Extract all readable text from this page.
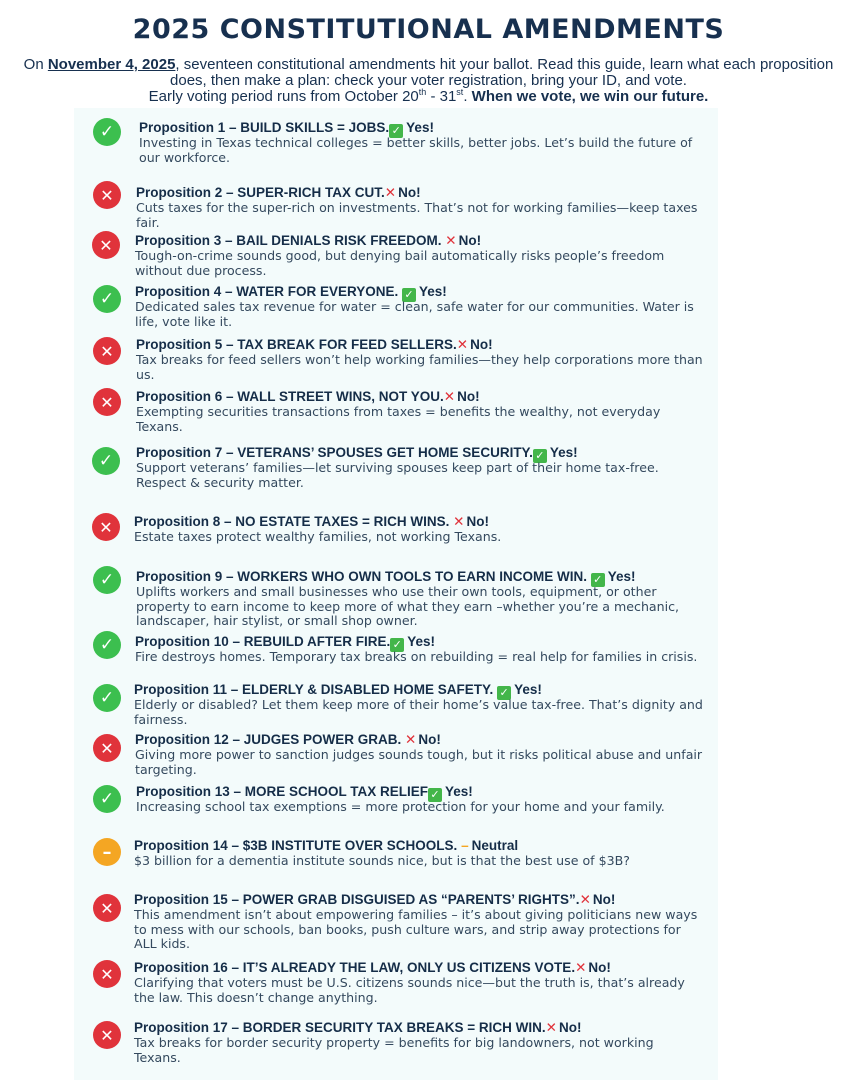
2025 CONSTITUTIONAL AMENDMENTS
On November 4, 2025, seventeen constitutional amendments hit your ballot. Read this guide, learn what each proposition does, then make a plan: check your voter registration, bring your ID, and vote.
Early voting period runs from October 20th - 31st. When we vote, we win our future.
✓	Proposition 1 – BUILD SKILLS = JOBS. ✓ Yes!
Investing in Texas technical colleges = better skills, better jobs. Let’s build the future of our workforce.
✕	Proposition 2 – SUPER-RICH TAX CUT.✕ No!
Cuts taxes for the super-rich on investments. That’s not for working families—keep taxes fair.
✕	Proposition 3 – BAIL DENIALS RISK FREEDOM. ✕ No!
Tough-on-crime sounds good, but denying bail automatically risks people’s freedom without due process.
✓	Proposition 4 – WATER FOR EVERYONE. ✓ Yes!
Dedicated sales tax revenue for water = clean, safe water for our communities. Water is life, vote like it.
✕	Proposition 5 – TAX BREAK FOR FEED SELLERS.✕ No!
Tax breaks for feed sellers won’t help working families—they help corporations more than us.
✕	Proposition 6 – WALL STREET WINS, NOT YOU.✕ No!
Exempting securities transactions from taxes = benefits the wealthy, not everyday Texans.
✓	Proposition 7 – VETERANS’ SPOUSES GET HOME SECURITY. ✓ Yes!
Support veterans’ families—let surviving spouses keep part of their home tax-free. Respect & security matter.
✕	Proposition 8 – NO ESTATE TAXES = RICH WINS. ✕ No!
Estate taxes protect wealthy families, not working Texans.
✓	Proposition 9 – WORKERS WHO OWN TOOLS TO EARN INCOME WIN. ✓ Yes!
Uplifts workers and small businesses who use their own tools, equipment, or other property to earn income to keep more of what they earn –whether you’re a mechanic, landscaper, hair stylist, or small shop owner.
✓	Proposition 10 – REBUILD AFTER FIRE. ✓ Yes!
Fire destroys homes. Temporary tax breaks on rebuilding = real help for families in crisis.
✓	Proposition 11 – ELDERLY & DISABLED HOME SAFETY. ✓ Yes!
Elderly or disabled? Let them keep more of their home’s value tax-free. That’s dignity and fairness.
✕	Proposition 12 – JUDGES POWER GRAB. ✕ No!
Giving more power to sanction judges sounds tough, but it risks political abuse and unfair targeting.
✓	Proposition 13 – MORE SCHOOL TAX RELIEF ✓ Yes!
Increasing school tax exemptions = more protection for your home and your family.
–	Proposition 14 – $3B INSTITUTE OVER SCHOOLS. – Neutral
$3 billion for a dementia institute sounds nice, but is that the best use of $3B?
✕	Proposition 15 – POWER GRAB DISGUISED AS “PARENTS’ RIGHTS”.✕ No!
This amendment isn’t about empowering families – it’s about giving politicians new ways to mess with our schools, ban books, push culture wars, and strip away protections for ALL kids.
✕	Proposition 16 – IT’S ALREADY THE LAW, ONLY US CITIZENS VOTE.✕ No!
Clarifying that voters must be U.S. citizens sounds nice—but the truth is, that’s already the law. This doesn’t change anything.
✕	Proposition 17 – BORDER SECURITY TAX BREAKS = RICH WIN.✕ No!
Tax breaks for border security property = benefits for big landowners, not working Texans.
